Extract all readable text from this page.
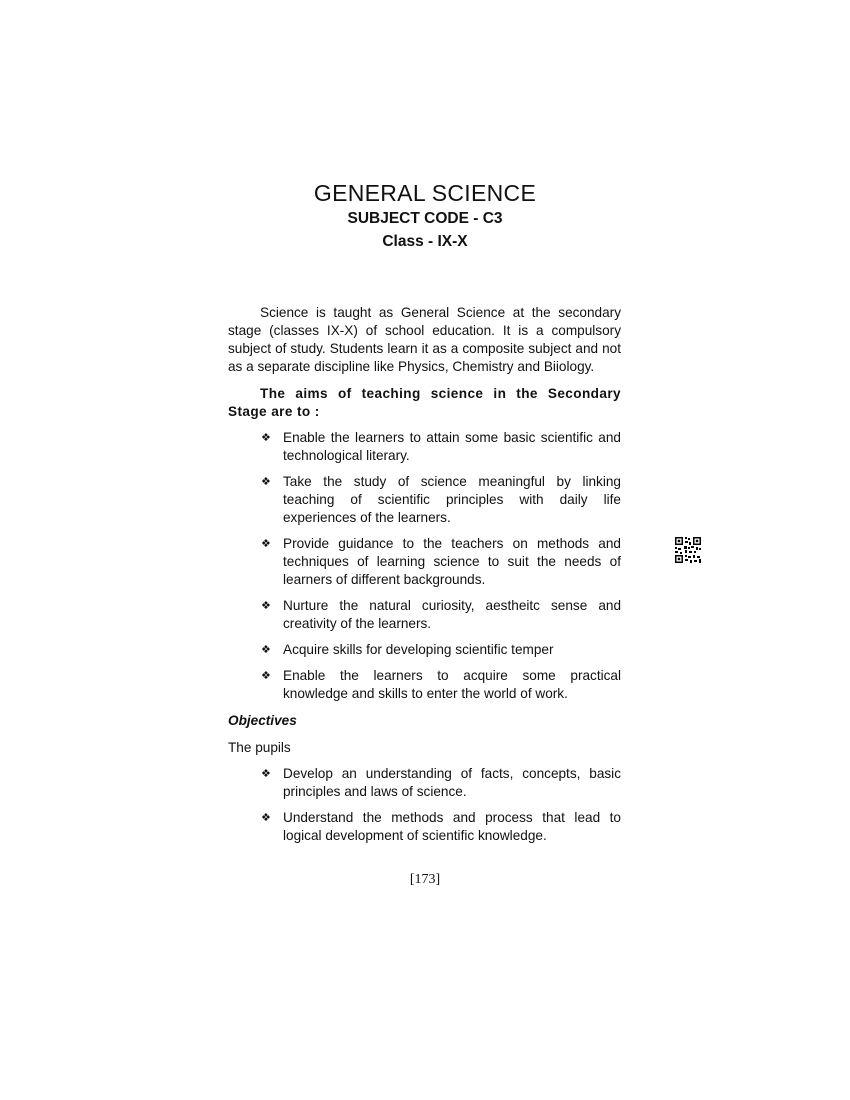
GENERAL SCIENCE
SUBJECT CODE - C3
Class - IX-X

Science is taught as General Science at the secondary stage (classes IX-X) of school education. It is a compulsory subject of study. Students learn it as a composite subject and not as a separate discipline like Physics, Chemistry and Biiology.

The aims of teaching science in the Secondary Stage are to :

❖ Enable the learners to attain some basic scientific and technological literary.
❖ Take the study of science meaningful by linking teaching of scientific principles with daily life experiences of the learners.
❖ Provide guidance to the teachers on methods and techniques of learning science to suit the needs of learners of different backgrounds.
❖ Nurture the natural curiosity, aestheitc sense and creativity of the learners.
❖ Acquire skills for developing scientific temper
❖ Enable the learners to acquire some practical knowledge and skills to enter the world of work.

Objectives

The pupils

❖ Develop an understanding of facts, concepts, basic principles and laws of science.
❖ Understand the methods and process that lead to logical development of scientific knowledge.
[173]
